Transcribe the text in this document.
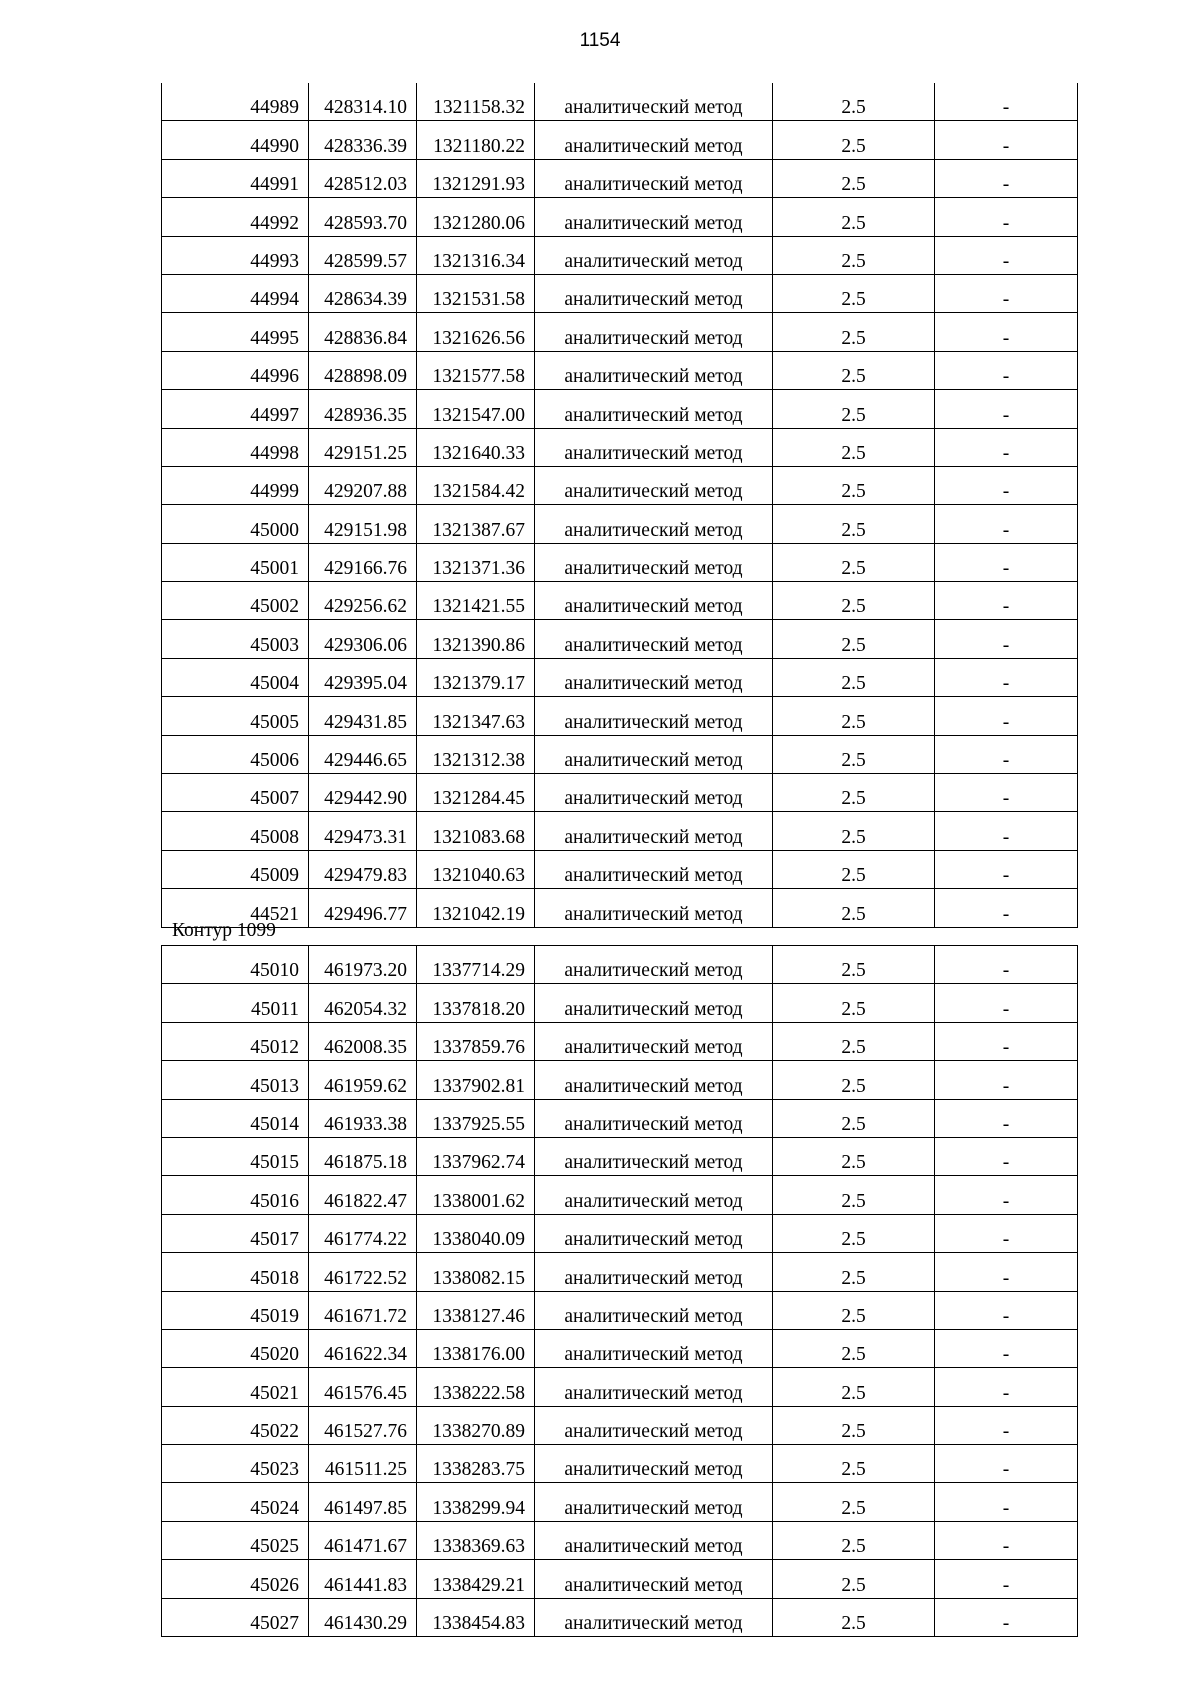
1154
44989	428314.10	1321158.32	аналитический метод	2.5	-
44990	428336.39	1321180.22	аналитический метод	2.5	-
44991	428512.03	1321291.93	аналитический метод	2.5	-
44992	428593.70	1321280.06	аналитический метод	2.5	-
44993	428599.57	1321316.34	аналитический метод	2.5	-
44994	428634.39	1321531.58	аналитический метод	2.5	-
44995	428836.84	1321626.56	аналитический метод	2.5	-
44996	428898.09	1321577.58	аналитический метод	2.5	-
44997	428936.35	1321547.00	аналитический метод	2.5	-
44998	429151.25	1321640.33	аналитический метод	2.5	-
44999	429207.88	1321584.42	аналитический метод	2.5	-
45000	429151.98	1321387.67	аналитический метод	2.5	-
45001	429166.76	1321371.36	аналитический метод	2.5	-
45002	429256.62	1321421.55	аналитический метод	2.5	-
45003	429306.06	1321390.86	аналитический метод	2.5	-
45004	429395.04	1321379.17	аналитический метод	2.5	-
45005	429431.85	1321347.63	аналитический метод	2.5	-
45006	429446.65	1321312.38	аналитический метод	2.5	-
45007	429442.90	1321284.45	аналитический метод	2.5	-
45008	429473.31	1321083.68	аналитический метод	2.5	-
45009	429479.83	1321040.63	аналитический метод	2.5	-
44521	429496.77	1321042.19	аналитический метод	2.5	-
Контур 1099
45010	461973.20	1337714.29	аналитический метод	2.5	-
45011	462054.32	1337818.20	аналитический метод	2.5	-
45012	462008.35	1337859.76	аналитический метод	2.5	-
45013	461959.62	1337902.81	аналитический метод	2.5	-
45014	461933.38	1337925.55	аналитический метод	2.5	-
45015	461875.18	1337962.74	аналитический метод	2.5	-
45016	461822.47	1338001.62	аналитический метод	2.5	-
45017	461774.22	1338040.09	аналитический метод	2.5	-
45018	461722.52	1338082.15	аналитический метод	2.5	-
45019	461671.72	1338127.46	аналитический метод	2.5	-
45020	461622.34	1338176.00	аналитический метод	2.5	-
45021	461576.45	1338222.58	аналитический метод	2.5	-
45022	461527.76	1338270.89	аналитический метод	2.5	-
45023	461511.25	1338283.75	аналитический метод	2.5	-
45024	461497.85	1338299.94	аналитический метод	2.5	-
45025	461471.67	1338369.63	аналитический метод	2.5	-
45026	461441.83	1338429.21	аналитический метод	2.5	-
45027	461430.29	1338454.83	аналитический метод	2.5	-
